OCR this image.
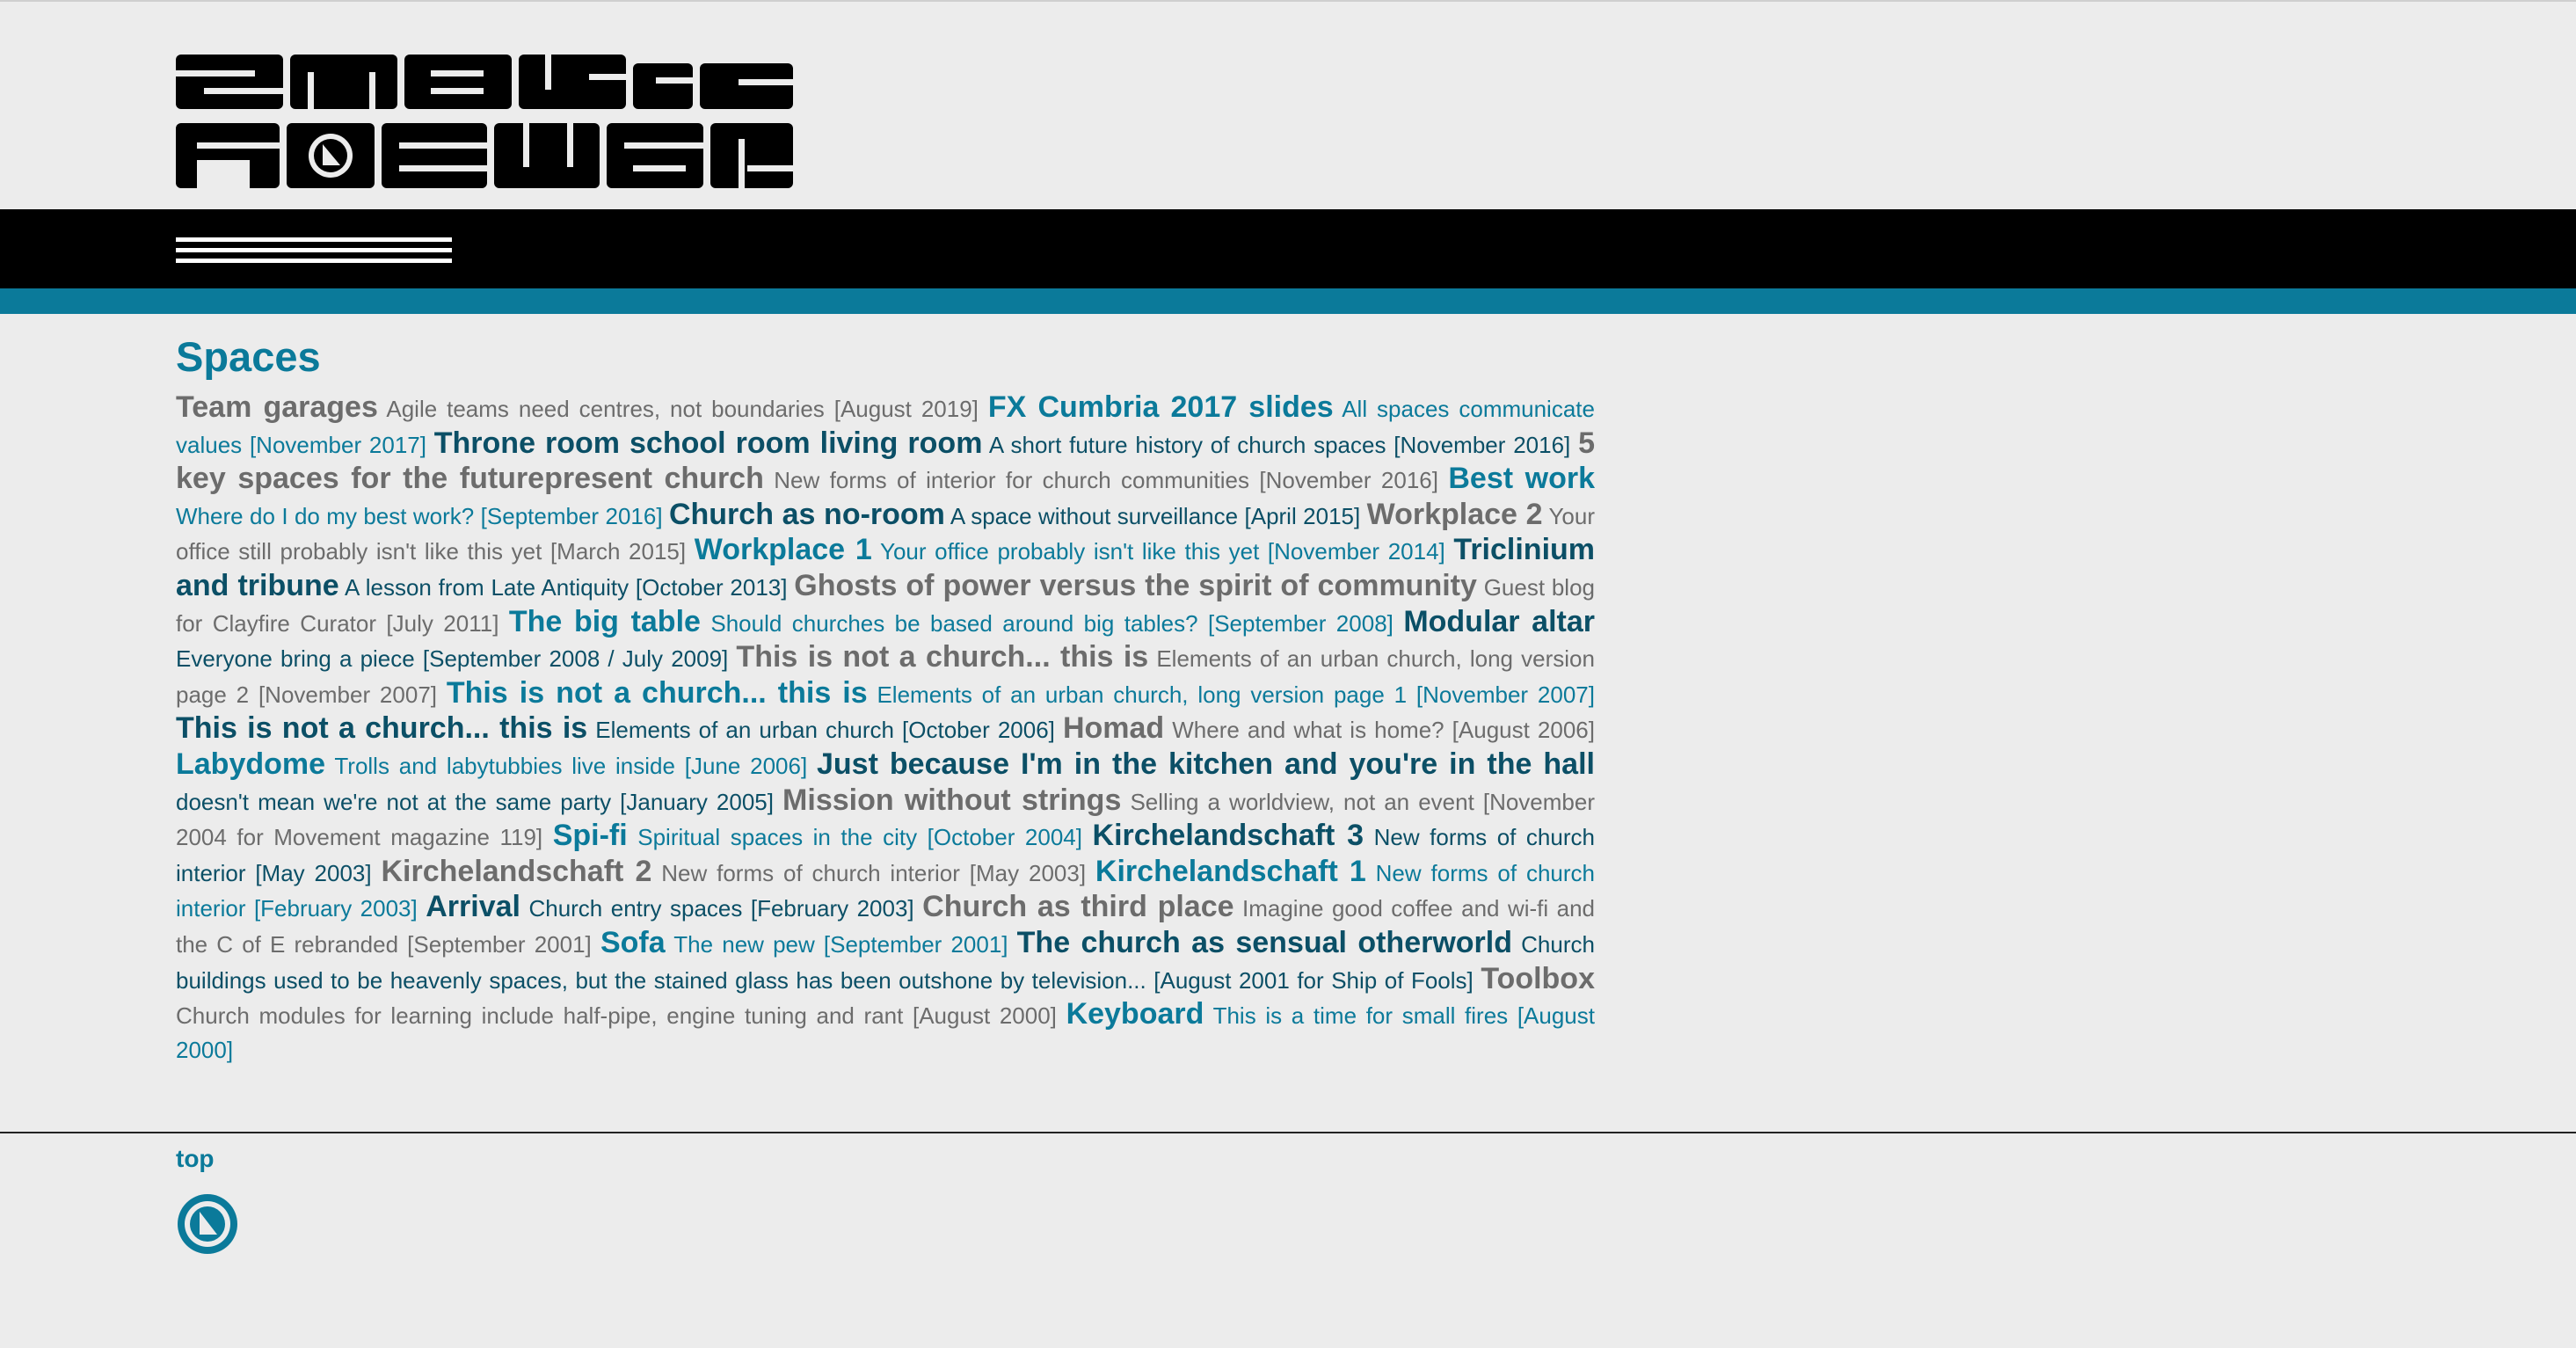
Spaces

Team garages Agile teams need centres, not boundaries [August 2019] FX Cumbria 2017 slides All spaces communicate values [November 2017] Throne room school room living room A short future history of church spaces [November 2016] 5 key spaces for the futurepresent church New forms of interior for church communities [November 2016] Best work Where do I do my best work? [September 2016] Church as no-room A space without surveillance [April 2015] Workplace 2 Your office still probably isn't like this yet [March 2015] Workplace 1 Your office probably isn't like this yet [November 2014] Triclinium and tribune A lesson from Late Antiquity [October 2013] Ghosts of power versus the spirit of community Guest blog for Clayfire Curator [July 2011] The big table Should churches be based around big tables? [September 2008] Modular altar Everyone bring a piece [September 2008 / July 2009] This is not a church... this is Elements of an urban church, long version page 2 [November 2007] This is not a church... this is Elements of an urban church, long version page 1 [November 2007] This is not a church... this is Elements of an urban church [October 2006] Homad Where and what is home? [August 2006] Labydome Trolls and labytubbies live inside [June 2006] Just because I'm in the kitchen and you're in the hall doesn't mean we're not at the same party [January 2005] Mission without strings Selling a worldview, not an event [November 2004 for Movement magazine 119] Spi-fi Spiritual spaces in the city [October 2004] Kirchelandschaft 3 New forms of church interior [May 2003] Kirchelandschaft 2 New forms of church interior [May 2003] Kirchelandschaft 1 New forms of church interior [February 2003] Arrival Church entry spaces [February 2003] Church as third place Imagine good coffee and wi-fi and the C of E rebranded [September 2001] Sofa The new pew [September 2001] The church as sensual otherworld Church buildings used to be heavenly spaces, but the stained glass has been outshone by television... [August 2001 for Ship of Fools] Toolbox Church modules for learning include half-pipe, engine tuning and rant [August 2000] Keyboard This is a time for small fires [August 2000]

top
